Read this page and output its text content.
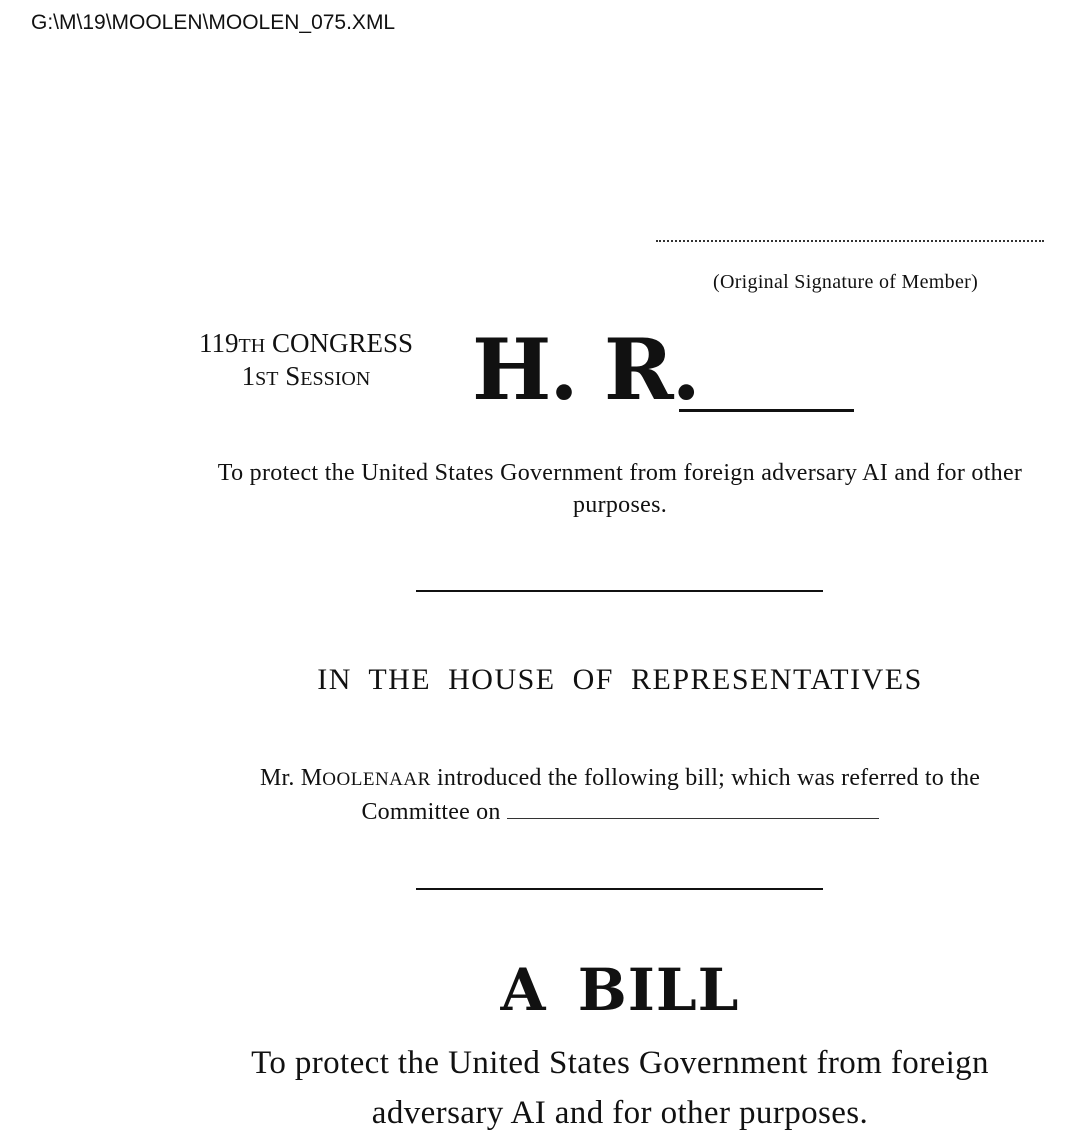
G:\M\19\MOOLEN\MOOLEN_075.XML
(Original Signature of Member)
119TH CONGRESS
1ST SESSION	H. R.
To protect the United States Government from foreign adversary AI and for other purposes.
IN THE HOUSE OF REPRESENTATIVES
Mr. MOOLENAAR introduced the following bill; which was referred to the Committee on
A BILL
To protect the United States Government from foreign adversary AI and for other purposes.
